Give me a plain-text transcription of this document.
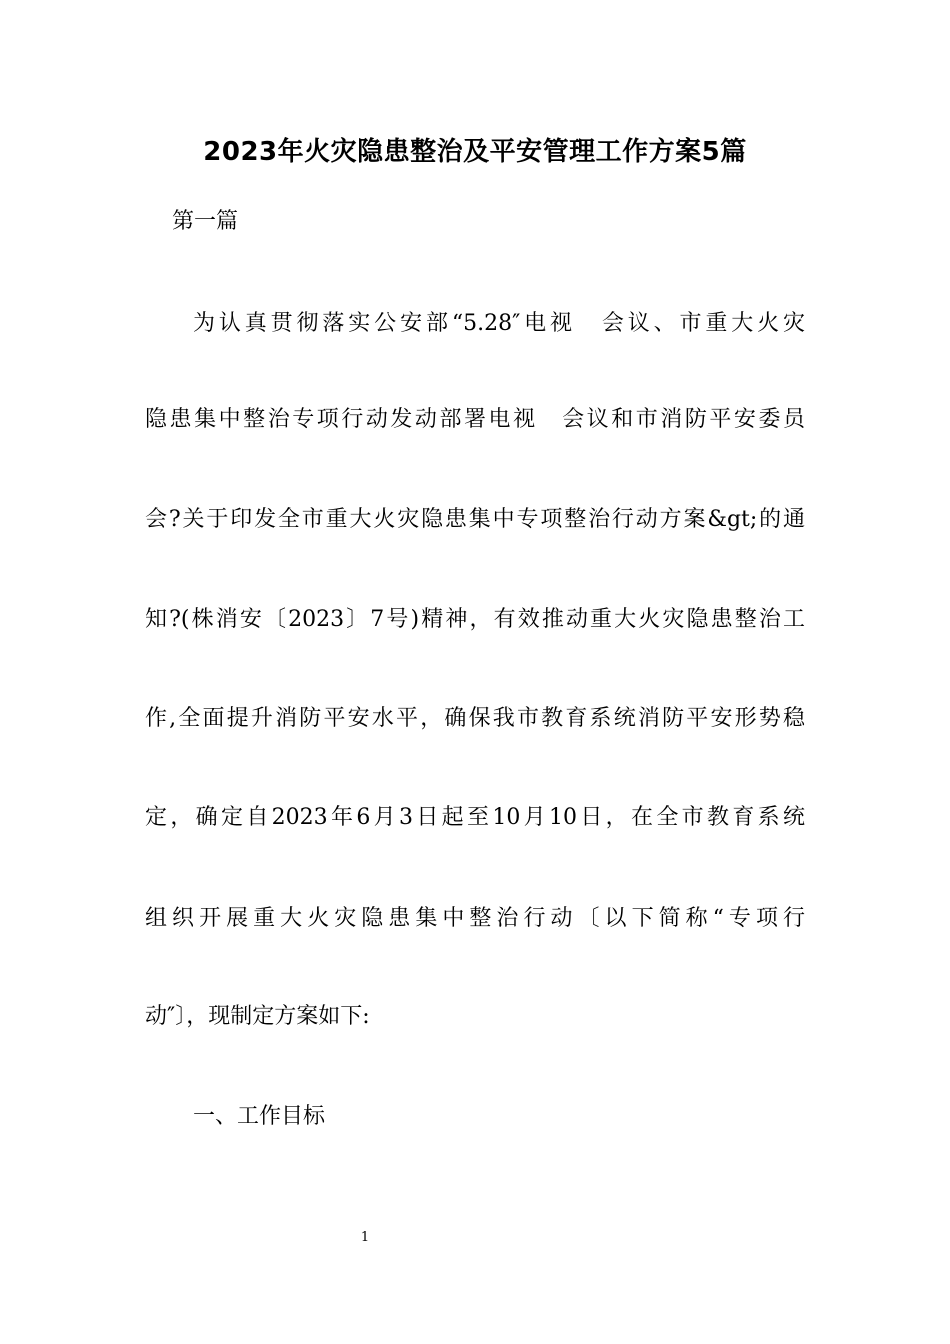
2023年火灾隐患整治及平安管理工作方案5篇
第一篇
为认真贯彻落实公安部“5.28″电视　会议、市重大火灾
隐患集中整治专项行动发动部署电视　会议和市消防平安委员
会?关于印发全市重大火灾隐患集中专项整治行动方案&gt;的通
知?(株消安〔2023〕7号)精神，有效推动重大火灾隐患整治工
作,全面提升消防平安水平，确保我市教育系统消防平安形势稳
定，确定自2023年6月3日起至10月10日，在全市教育系统
组织开展重大火灾隐患集中整治行动〔以下简称“专项行
动″〕，现制定方案如下:
一、工作目标
1
